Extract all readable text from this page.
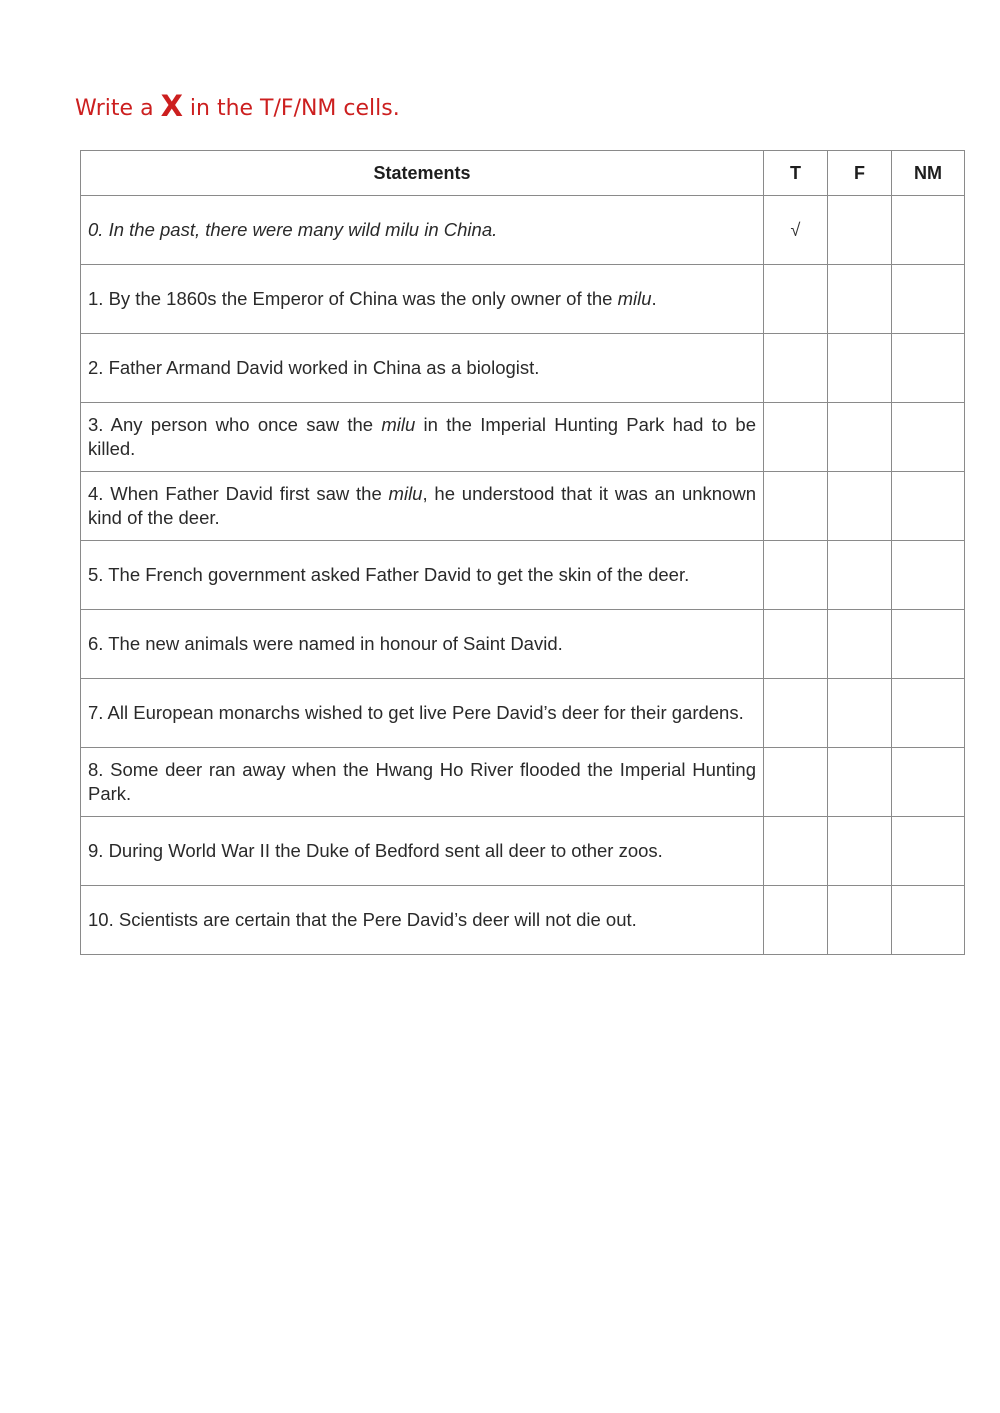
Write a X in the T/F/NM cells.
Statements	T	F	NM
0. In the past, there were many wild milu in China.	√		
1. By the 1860s the Emperor of China was the only owner of the milu.			
2. Father Armand David worked in China as a biologist.			
3. Any person who once saw the milu in the Imperial Hunting Park had to be killed.			
4. When Father David first saw the milu, he understood that it was an unknown kind of the deer.			
5. The French government asked Father David to get the skin of the deer.			
6. The new animals were named in honour of Saint David.			
7. All European monarchs wished to get live Pere David’s deer for their gardens.			
8. Some deer ran away when the Hwang Ho River flooded the Imperial Hunting Park.			
9. During World War II the Duke of Bedford sent all deer to other zoos.			
10. Scientists are certain that the Pere David’s deer will not die out.			
